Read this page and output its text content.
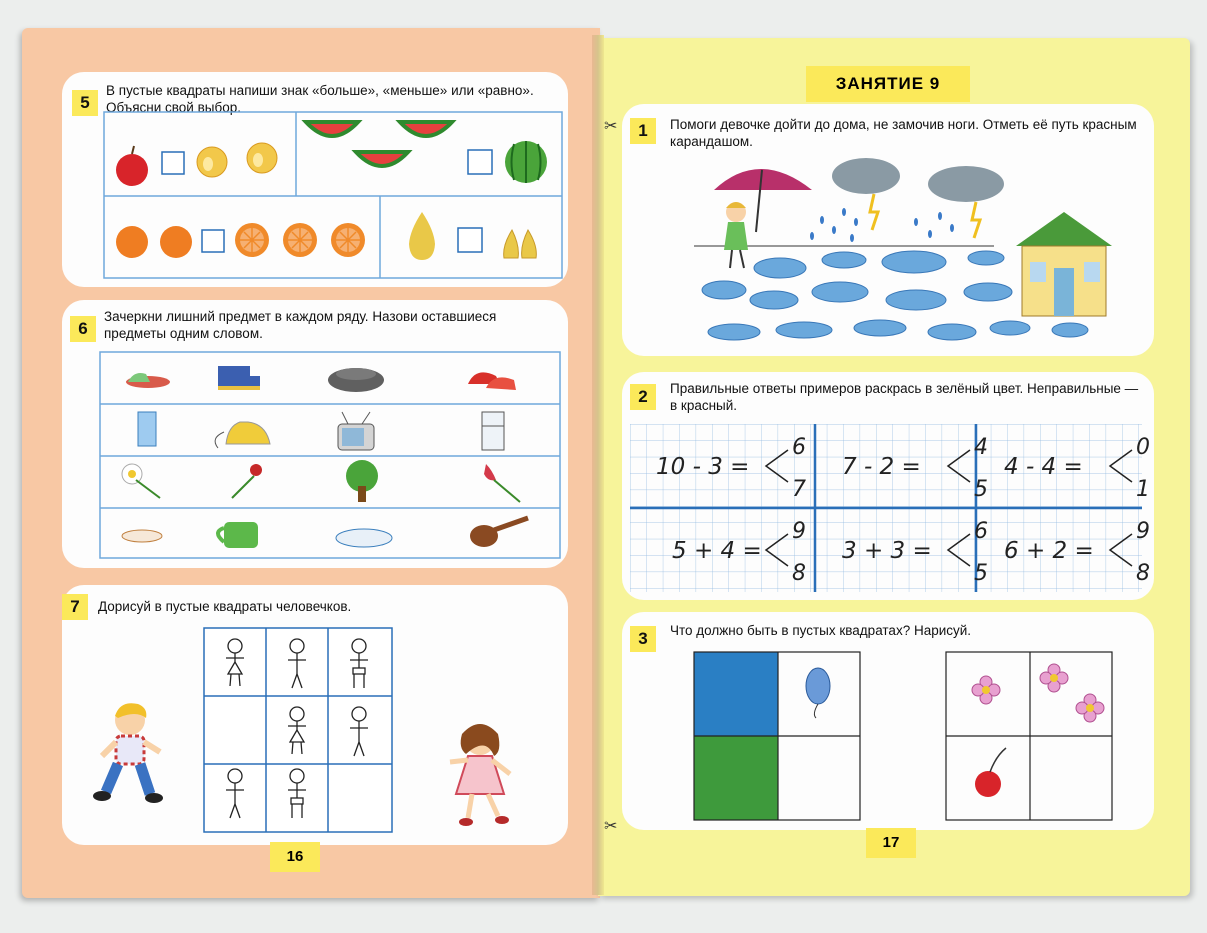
5
В пустые квадраты напиши знак «больше», «меньше» или «равно». Объясни свой выбор.
6
Зачеркни лишний предмет в каждом ряду. Назови оставшиеся предметы одним словом.
7	Дорисуй в пустые квадраты человечков.
16
ЗАНЯТИЕ 9
✂
✂
1	Помоги девочке дойти до дома, не замочив ноги. Отметь её путь красным карандашом.
2	Правильные ответы примеров раскрась в зелёный цвет. Неправильные — в красный.
10 - 3 =
6
7
7 - 2 =
4
5
4 - 4 =
0
1
5 + 4 =
9
8
3 + 3 =
6
5
6 + 2 =
9
8
3	Что должно быть в пустых квадратах? Нарисуй.
17
